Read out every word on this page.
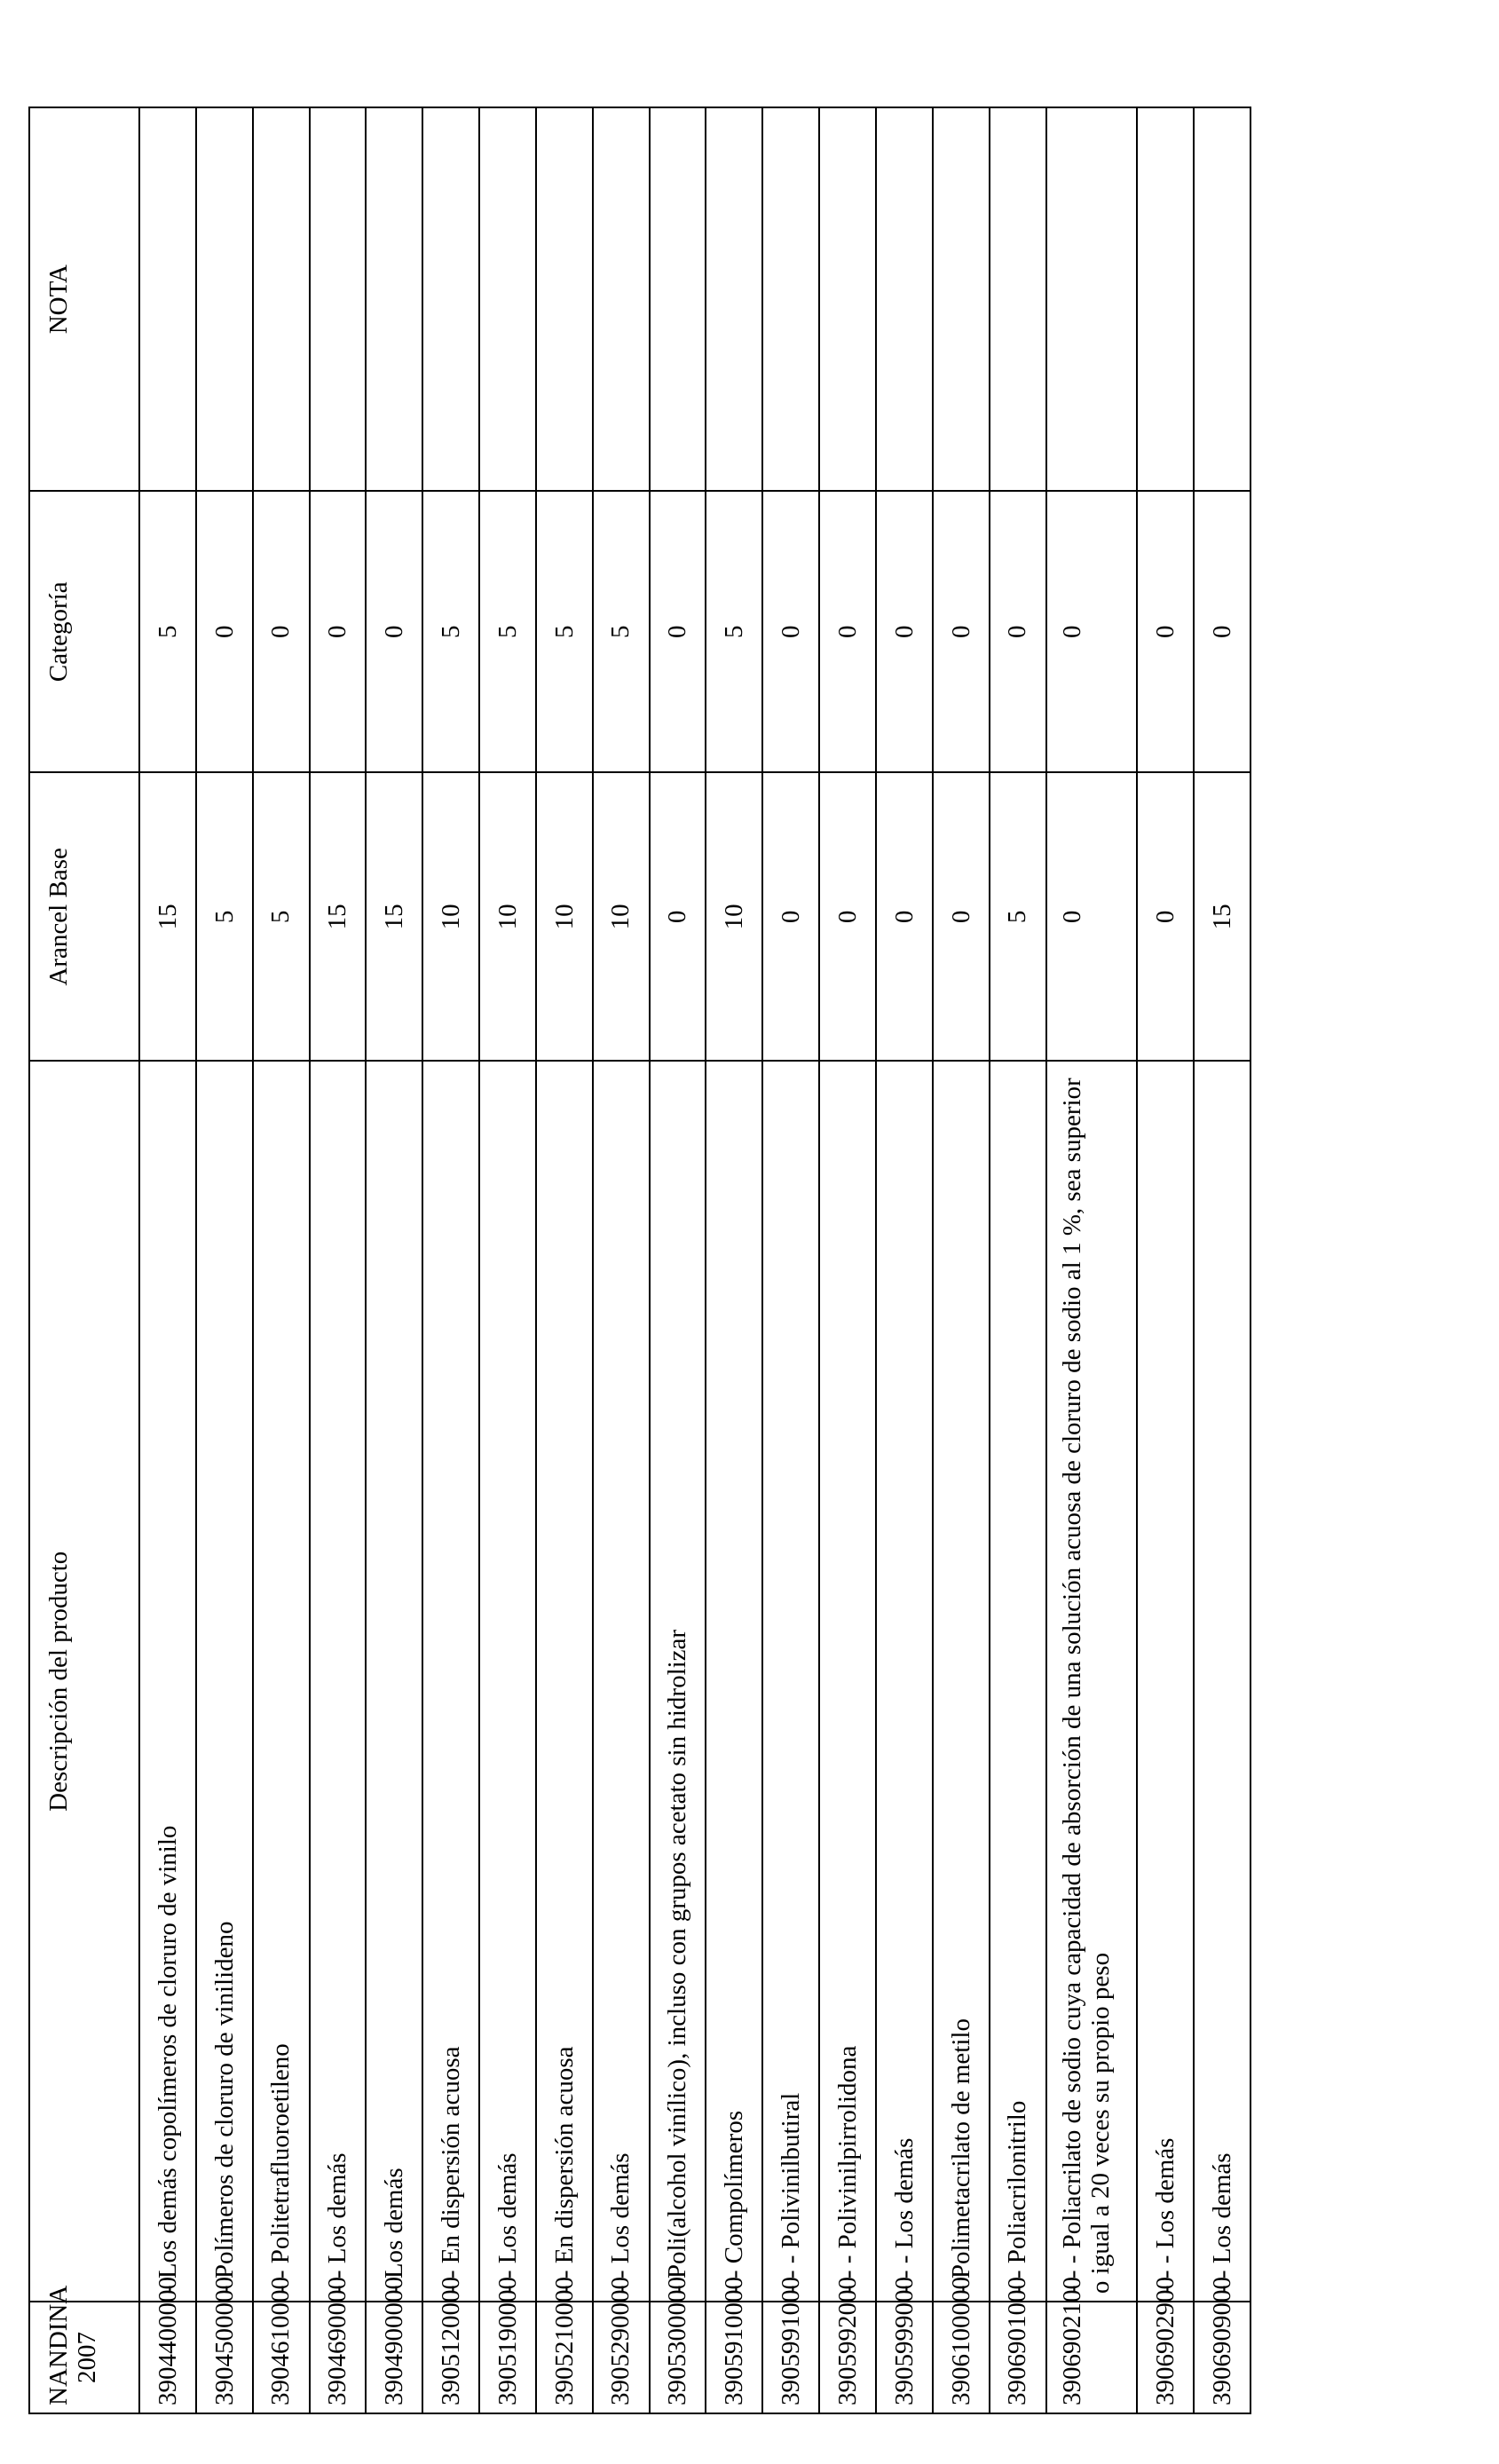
NANDINA
2007	Descripción del producto	Arancel Base	Categoría	NOTA
3904400000	- Los demás copolímeros de cloruro de vinilo	15	5	
3904500000	- Polímeros de cloruro de vinilideno	5	0	
3904610000	- - Politetrafluoroetileno	5	0	
3904690000	- - Los demás	15	0	
3904900000	- Los demás	15	0	
3905120000	- - En dispersión acuosa	10	5	
3905190000	- - Los demás	10	5	
3905210000	- - En dispersión acuosa	10	5	
3905290000	- - Los demás	10	5	
3905300000	- Poli(alcohol vinílico), incluso con grupos acetato sin hidrolizar	0	0	
3905910000	- - Compolímeros	10	5	
3905991000	- - - Polivinilbutiral	0	0	
3905992000	- - - Polivinilpirrolidona	0	0	
3905999000	- - - Los demás	0	0	
3906100000	- Polimetacrilato de metilo	0	0	
3906901000	- - Poliacrilonitrilo	5	0	
3906902100	- - - Poliacrilato de sodio cuya capacidad de absorción de una solución acuosa de cloruro de sodio al 1 %, sea superior o igual a 20 veces su propio peso	0	0	
3906902900	- - - Los demás	0	0	
3906909000	- - Los demás	15	0	
